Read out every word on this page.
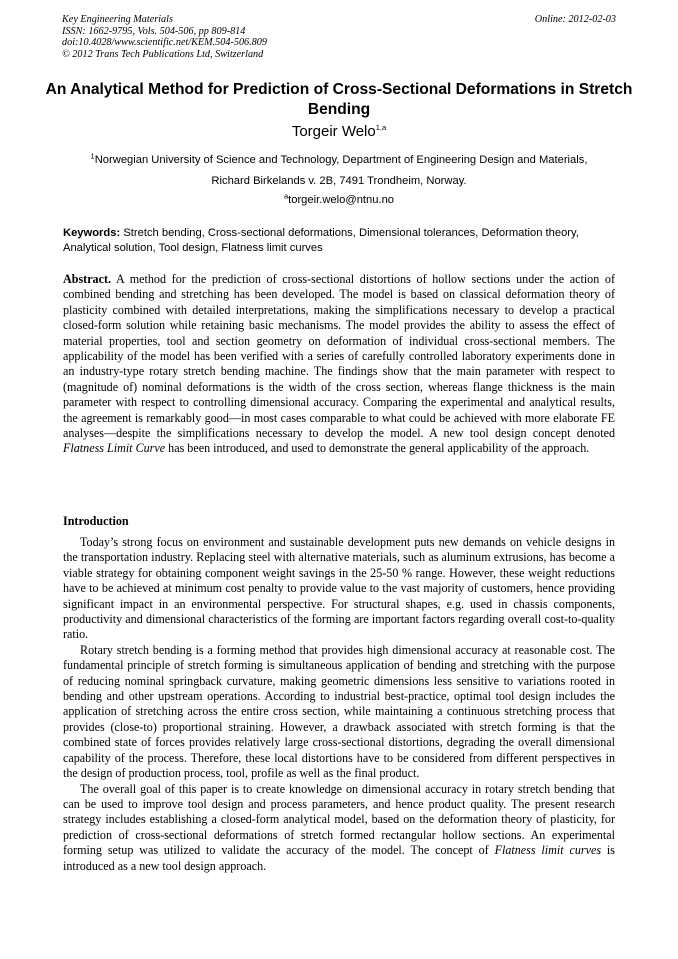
Key Engineering Materials
ISSN: 1662-9795, Vols. 504-506, pp 809-814
doi:10.4028/www.scientific.net/KEM.504-506.809
© 2012 Trans Tech Publications Ltd, Switzerland
Online: 2012-02-03
An Analytical Method for Prediction of Cross-Sectional Deformations in Stretch Bending
Torgeir Welo$^{1,a}$
$^1$Norwegian University of Science and Technology, Department of Engineering Design and Materials, Richard Birkelands v. 2B, 7491 Trondheim, Norway.
$^a$torgeir.welo@ntnu.no
Keywords: Stretch bending, Cross-sectional deformations, Dimensional tolerances, Deformation theory, Analytical solution, Tool design, Flatness limit curves

Abstract. A method for the prediction of cross-sectional distortions of hollow sections under the action of combined bending and stretching has been developed. The model is based on classical deformation theory of plasticity combined with detailed interpretations, making the simplifications necessary to develop a practical closed-form solution while retaining basic mechanisms. The model provides the ability to assess the effect of material properties, tool and section geometry on deformation of individual cross-sectional members. The applicability of the model has been verified with a series of carefully controlled laboratory experiments done in an industry-type rotary stretch bending machine. The findings show that the main parameter with respect to (magnitude of) nominal deformations is the width of the cross section, whereas flange thickness is the main parameter with respect to controlling dimensional accuracy. Comparing the experimental and analytical results, the agreement is remarkably good—in most cases comparable to what could be achieved with more elaborate FE analyses—despite the simplifications necessary to develop the model. A new tool design concept denoted Flatness Limit Curve has been introduced, and used to demonstrate the general applicability of the approach.

Introduction

Today’s strong focus on environment and sustainable development puts new demands on vehicle designs in the transportation industry. Replacing steel with alternative materials, such as aluminum extrusions, has become a viable strategy for obtaining component weight savings in the 25-50 % range. However, these weight reductions have to be achieved at minimum cost penalty to provide value to the vast majority of customers, hence providing significant impact in an environmental perspective. For structural shapes, e.g. used in chassis components, productivity and dimensional characteristics of the forming are important factors regarding overall cost-to-quality ratio.

Rotary stretch bending is a forming method that provides high dimensional accuracy at reasonable cost. The fundamental principle of stretch forming is simultaneous application of bending and stretching with the purpose of reducing nominal springback curvature, making geometric dimensions less sensitive to variations rooted in bending and other upstream operations. According to industrial best-practice, optimal tool design includes the application of stretching across the entire cross section, while maintaining a continuous stretching process that provides (close-to) proportional straining. However, a drawback associated with stretch forming is that the combined state of forces provides relatively large cross-sectional distortions, degrading the overall dimensional capability of the process. Therefore, these local distortions have to be considered from different perspectives in the design of production process, tool, profile as well as the final product.

The overall goal of this paper is to create knowledge on dimensional accuracy in rotary stretch bending that can be used to improve tool design and process parameters, and hence product quality. The present research strategy includes establishing a closed-form analytical model, based on the deformation theory of plasticity, for prediction of cross-sectional deformations of stretch formed rectangular hollow sections. An experimental forming setup was utilized to validate the accuracy of the model. The concept of Flatness limit curves is introduced as a new tool design approach.
